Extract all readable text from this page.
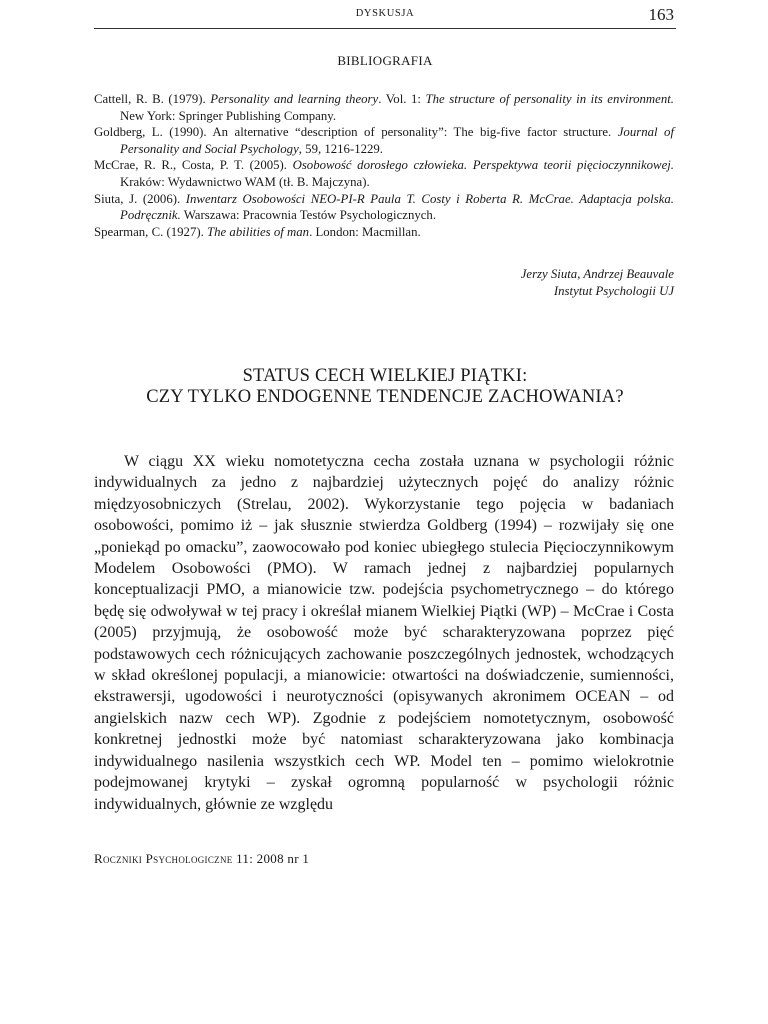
DYSKUSJA	163
BIBLIOGRAFIA
Cattell, R. B. (1979). Personality and learning theory. Vol. 1: The structure of personality in its environment. New York: Springer Publishing Company.
Goldberg, L. (1990). An alternative “description of personality”: The big-five factor structure. Journal of Personality and Social Psychology, 59, 1216-1229.
McCrae, R. R., Costa, P. T. (2005). Osobowość dorosłego człowieka. Perspektywa teorii pięcioczynnikowej. Kraków: Wydawnictwo WAM (tł. B. Majczyna).
Siuta, J. (2006). Inwentarz Osobowości NEO-PI-R Paula T. Costy i Roberta R. McCrae. Adaptacja polska. Podręcznik. Warszawa: Pracownia Testów Psychologicznych.
Spearman, C. (1927). The abilities of man. London: Macmillan.
Jerzy Siuta, Andrzej Beauvale
Instytut Psychologii UJ
STATUS CECH WIELKIEJ PIĄTKI:
CZY TYLKO ENDOGENNE TENDENCJE ZACHOWANIA?

W ciągu XX wieku nomotetyczna cecha została uznana w psychologii różnic indywidualnych za jedno z najbardziej użytecznych pojęć do analizy różnic międzyosobniczych (Strelau, 2002). Wykorzystanie tego pojęcia w badaniach osobowości, pomimo iż – jak słusznie stwierdza Goldberg (1994) – rozwijały się one „poniekąd po omacku”, zaowocowało pod koniec ubiegłego stulecia Pięcioczynnikowym Modelem Osobowości (PMO). W ramach jednej z najbardziej popularnych konceptualizacji PMO, a mianowicie tzw. podejścia psychometrycznego – do którego będę się odwoływał w tej pracy i określał mianem Wielkiej Piątki (WP) – McCrae i Costa (2005) przyjmują, że osobowość może być scharakteryzowana poprzez pięć podstawowych cech różnicujących zachowanie poszczególnych jednostek, wchodzących w skład określonej populacji, a mianowicie: otwartości na doświadczenie, sumienności, ekstrawersji, ugodowości i neurotyczności (opisywanych akronimem OCEAN – od angielskich nazw cech WP). Zgodnie z podejściem nomotetycznym, osobowość konkretnej jednostki może być natomiast scharakteryzowana jako kombinacja indywidualnego nasilenia wszystkich cech WP. Model ten – pomimo wielokrotnie podejmowanej krytyki – zyskał ogromną popularność w psychologii różnic indywidualnych, głównie ze względu

Roczniki Psychologiczne 11: 2008 nr 1
